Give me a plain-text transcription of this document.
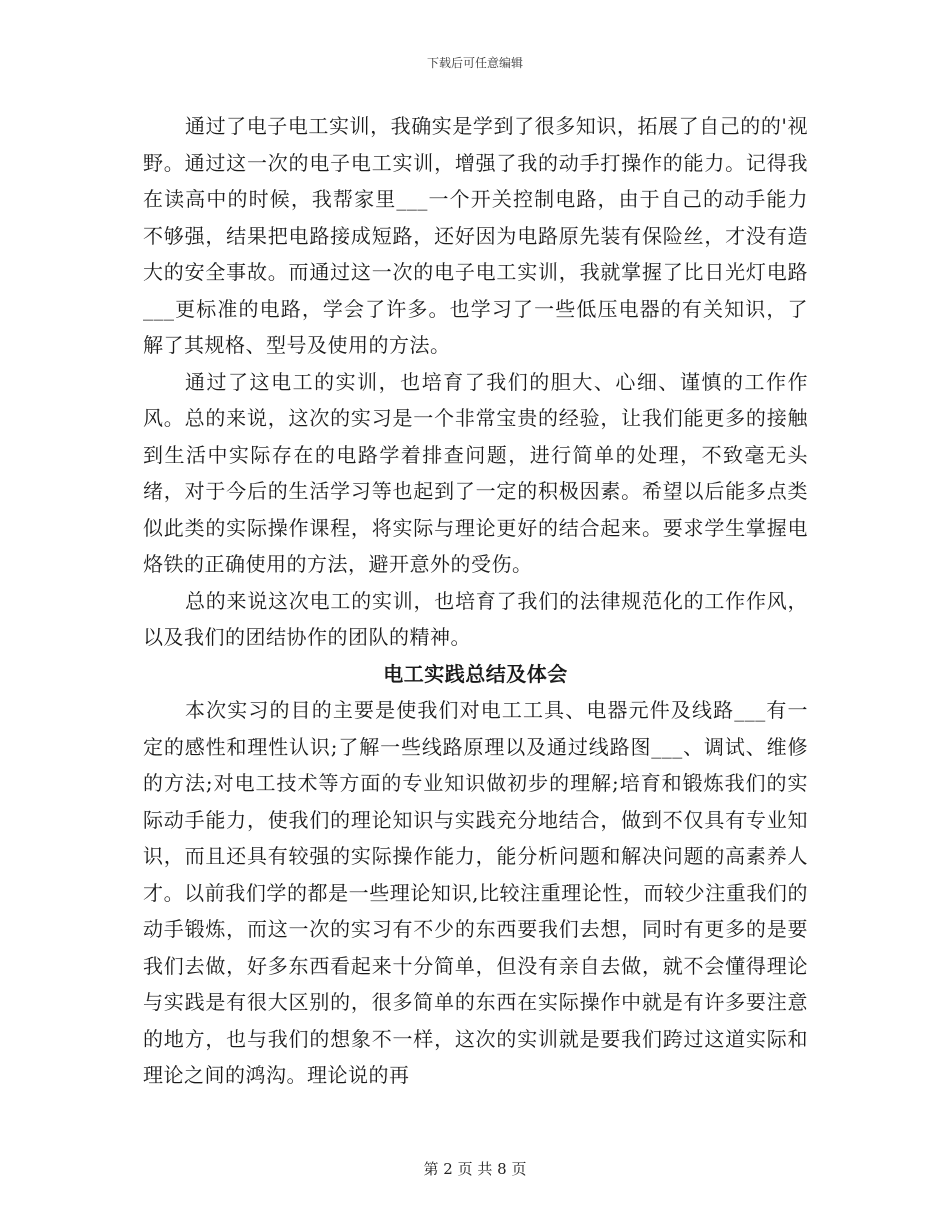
下载后可任意编辑

通过了电子电工实训，我确实是学到了很多知识，拓展了自己的的'视野。通过这一次的电子电工实训，增强了我的动手打操作的能力。记得我在读高中的时候，我帮家里___一个开关控制电路，由于自己的动手能力不够强，结果把电路接成短路，还好因为电路原先装有保险丝，才没有造大的安全事故。而通过这一次的电子电工实训，我就掌握了比日光灯电路___更标准的电路，学会了许多。也学习了一些低压电器的有关知识，了解了其规格、型号及使用的方法。

通过了这电工的实训，也培育了我们的胆大、心细、谨慎的工作作风。总的来说，这次的实习是一个非常宝贵的经验，让我们能更多的接触到生活中实际存在的电路学着排查问题，进行简单的处理，不致毫无头绪，对于今后的生活学习等也起到了一定的积极因素。希望以后能多点类似此类的实际操作课程，将实际与理论更好的结合起来。要求学生掌握电烙铁的正确使用的方法，避开意外的受伤。

总的来说这次电工的实训，也培育了我们的法律规范化的工作作风，以及我们的团结协作的团队的精神。

电工实践总结及体会

本次实习的目的主要是使我们对电工工具、电器元件及线路___有一定的感性和理性认识;了解一些线路原理以及通过线路图___、调试、维修的方法;对电工技术等方面的专业知识做初步的理解;培育和锻炼我们的实际动手能力，使我们的理论知识与实践充分地结合，做到不仅具有专业知识，而且还具有较强的实际操作能力，能分析问题和解决问题的高素养人才。以前我们学的都是一些理论知识,比较注重理论性，而较少注重我们的动手锻炼，而这一次的实习有不少的东西要我们去想，同时有更多的是要我们去做，好多东西看起来十分简单，但没有亲自去做，就不会懂得理论与实践是有很大区别的，很多简单的东西在实际操作中就是有许多要注意的地方，也与我们的想象不一样，这次的实训就是要我们跨过这道实际和理论之间的鸿沟。理论说的再

第 2 页 共 8 页
